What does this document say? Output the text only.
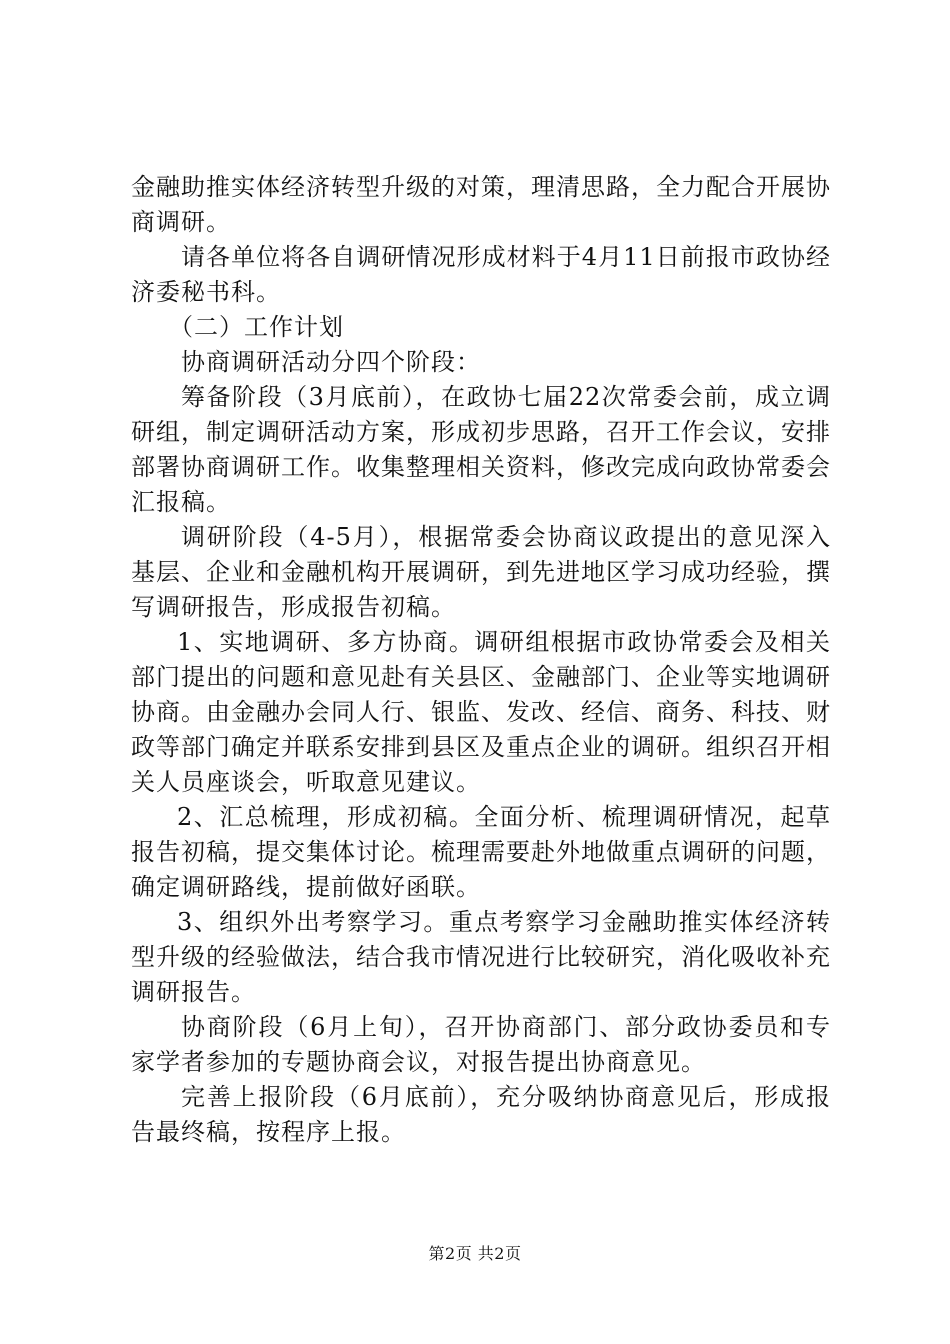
金融助推实体经济转型升级的对策，理清思路，全力配合开展协商调研。

请各单位将各自调研情况形成材料于4月11日前报市政协经济委秘书科。

（二）工作计划

协商调研活动分四个阶段：

筹备阶段（3月底前），在政协七届22次常委会前，成立调研组，制定调研活动方案，形成初步思路，召开工作会议，安排部署协商调研工作。收集整理相关资料，修改完成向政协常委会汇报稿。

调研阶段（4-5月），根据常委会协商议政提出的意见深入基层、企业和金融机构开展调研，到先进地区学习成功经验，撰写调研报告，形成报告初稿。

1、实地调研、多方协商。调研组根据市政协常委会及相关部门提出的问题和意见赴有关县区、金融部门、企业等实地调研协商。由金融办会同人行、银监、发改、经信、商务、科技、财政等部门确定并联系安排到县区及重点企业的调研。组织召开相关人员座谈会，听取意见建议。

2、汇总梳理，形成初稿。全面分析、梳理调研情况，起草报告初稿，提交集体讨论。梳理需要赴外地做重点调研的问题，确定调研路线，提前做好函联。

3、组织外出考察学习。重点考察学习金融助推实体经济转型升级的经验做法，结合我市情况进行比较研究，消化吸收补充调研报告。

协商阶段（6月上旬），召开协商部门、部分政协委员和专家学者参加的专题协商会议，对报告提出协商意见。

完善上报阶段（6月底前），充分吸纳协商意见后，形成报告最终稿，按程序上报。

第2页 共2页
